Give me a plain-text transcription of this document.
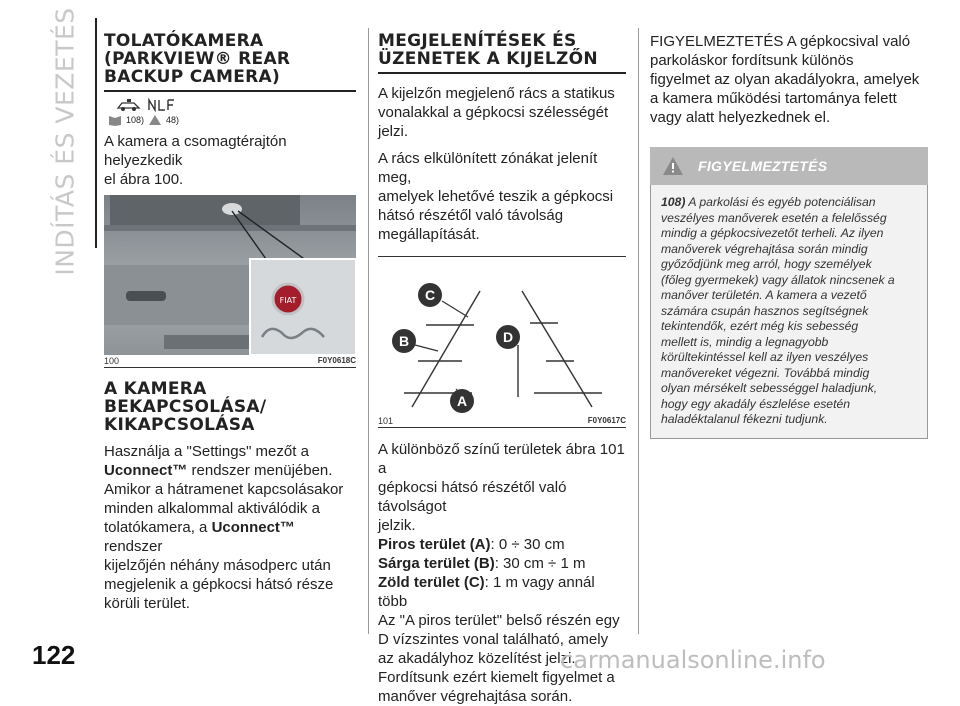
INDÍTÁS ÉS VEZETÉS TOLATÓKAMERA
(PARKVIEW® REAR
BACKUP CAMERA)
108) 48)
A kamera a csomagtérajtón helyezkedik
el ábra 100.
FIAT
100	F0Y0618C
A KAMERA
BEKAPCSOLÁSA/
KIKAPCSOLÁSA
Használja a "Settings" mezőt a
Uconnect™ rendszer menüjében.
Amikor a hátramenet kapcsolásakor
minden alkalommal aktiválódik a
tolatókamera, a Uconnect™ rendszer
kijelzőjén néhány másodperc után
megjelenik a gépkocsi hátsó része
körüli terület.
MEGJELENÍTÉSEK ÉS
ÜZENETEK A KIJELZŐN
A kijelzőn megjelenő rács a statikus
vonalakkal a gépkocsi szélességét jelzi.
A rács elkülönített zónákat jelenít meg,
amelyek lehetővé teszik a gépkocsi
hátsó részétől való távolság
megállapítását.
C
B	D
A
101	F0Y0617C
A különböző színű területek ábra 101 a
gépkocsi hátsó részétől való távolságot
jelzik.
Piros terület (A): 0 ÷ 30 cm
Sárga terület (B): 30 cm ÷ 1 m
Zöld terület (C): 1 m vagy annál több
Az "A piros terület" belső részén egy
D vízszintes vonal található, amely
az akadályhoz közelítést jelzi.
Fordítsunk ezért kiemelt figyelmet a
manőver végrehajtása során.
FIGYELMEZTETÉS A gépkocsival való
parkoláskor fordítsunk különös
figyelmet az olyan akadályokra, amelyek
a kamera működési tartománya felett
vagy alatt helyezkednek el.
FIGYELMEZTETÉS
108) A parkolási és egyéb potenciálisan
veszélyes manőverek esetén a felelősség
mindig a gépkocsivezetőt terheli. Az ilyen
manőverek végrehajtása során mindig
győződjünk meg arról, hogy személyek
(főleg gyermekek) vagy állatok nincsenek a
manőver területén. A kamera a vezető
számára csupán hasznos segítségnek
tekintendők, ezért még kis sebesség
mellett is, mindig a legnagyobb
körültekintéssel kell az ilyen veszélyes
manővereket végezni. Továbbá mindig
olyan mérsékelt sebességgel haladjunk,
hogy egy akadály észlelése esetén
haladéktalanul fékezni tudjunk.
122	carmanualsonline.info
